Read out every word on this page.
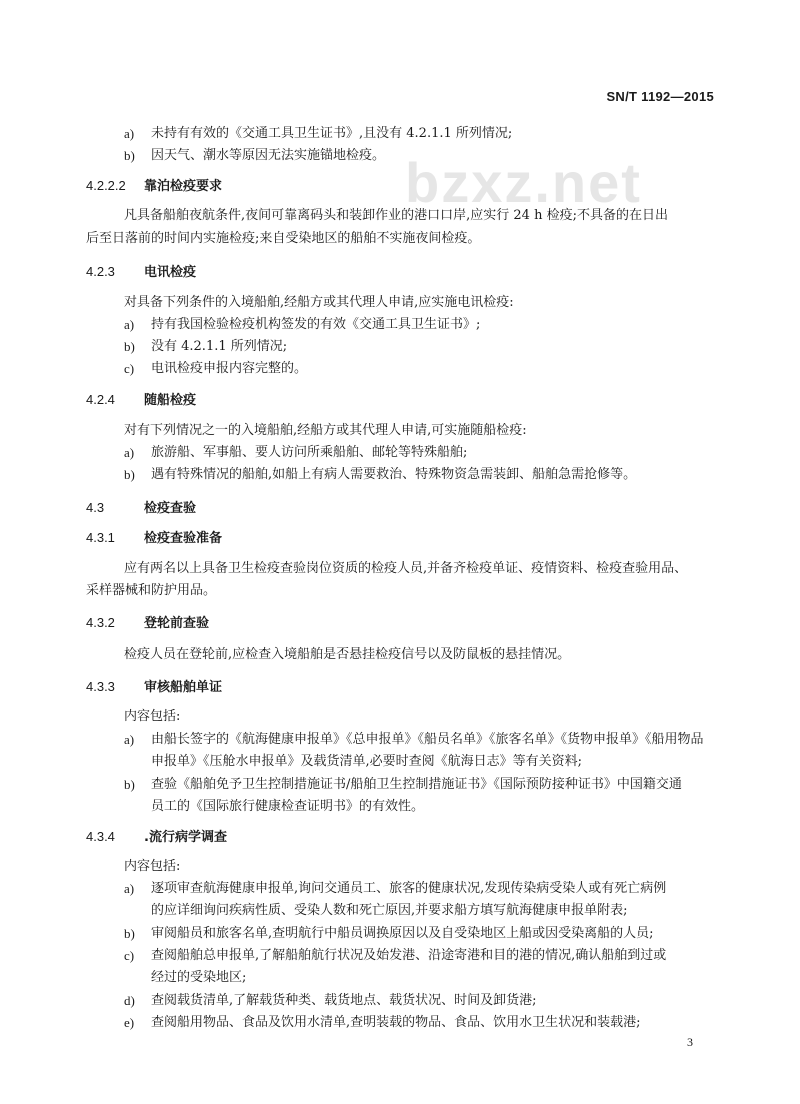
SN/T 1192—2015
bzxz.net
a) 未持有有效的《交通工具卫生证书》,且没有 4.2.1.1 所列情况;
b) 因天气、潮水等原因无法实施锚地检疫。
4.2.2.2 靠泊检疫要求
凡具备船舶夜航条件,夜间可靠离码头和装卸作业的港口口岸,应实行 24 h 检疫;不具备的在日出
后至日落前的时间内实施检疫;来自受染地区的船舶不实施夜间检疫。
4.2.3 电讯检疫
对具备下列条件的入境船舶,经船方或其代理人申请,应实施电讯检疫:
a) 持有我国检验检疫机构签发的有效《交通工具卫生证书》;
b) 没有 4.2.1.1 所列情况;
c) 电讯检疫申报内容完整的。
4.2.4 随船检疫
对有下列情况之一的入境船舶,经船方或其代理人申请,可实施随船检疫:
a) 旅游船、军事船、要人访问所乘船舶、邮轮等特殊船舶;
b) 遇有特殊情况的船舶,如船上有病人需要救治、特殊物资急需装卸、船舶急需抢修等。
4.3	检疫查验
4.3.1 检疫查验准备
应有两名以上具备卫生检疫查验岗位资质的检疫人员,并备齐检疫单证、疫情资料、检疫查验用品、
采样器械和防护用品。
4.3.2 登轮前查验
检疫人员在登轮前,应检查入境船舶是否悬挂检疫信号以及防鼠板的悬挂情况。
4.3.3 审核船舶单证
内容包括:
a) 由船长签字的《航海健康申报单》《总申报单》《船员名单》《旅客名单》《货物申报单》《船用物品
申报单》《压舱水申报单》及载货清单,必要时查阅《航海日志》等有关资料;
b) 查验《船舶免予卫生控制措施证书/船舶卫生控制措施证书》《国际预防接种证书》中国籍交通
员工的《国际旅行健康检查证明书》的有效性。
4.3.4 .流行病学调查
内容包括:
a) 逐项审查航海健康申报单,询问交通员工、旅客的健康状况,发现传染病受染人或有死亡病例
的应详细询问疾病性质、受染人数和死亡原因,并要求船方填写航海健康申报单附表;
b) 审阅船员和旅客名单,查明航行中船员调换原因以及自受染地区上船或因受染离船的人员;
c) 查阅船舶总申报单,了解船舶航行状况及始发港、沿途寄港和目的港的情况,确认船舶到过或
经过的受染地区;
d) 查阅载货清单,了解载货种类、载货地点、载货状况、时间及卸货港;
e) 查阅船用物品、食品及饮用水清单,查明装载的物品、食品、饮用水卫生状况和装载港;
3
